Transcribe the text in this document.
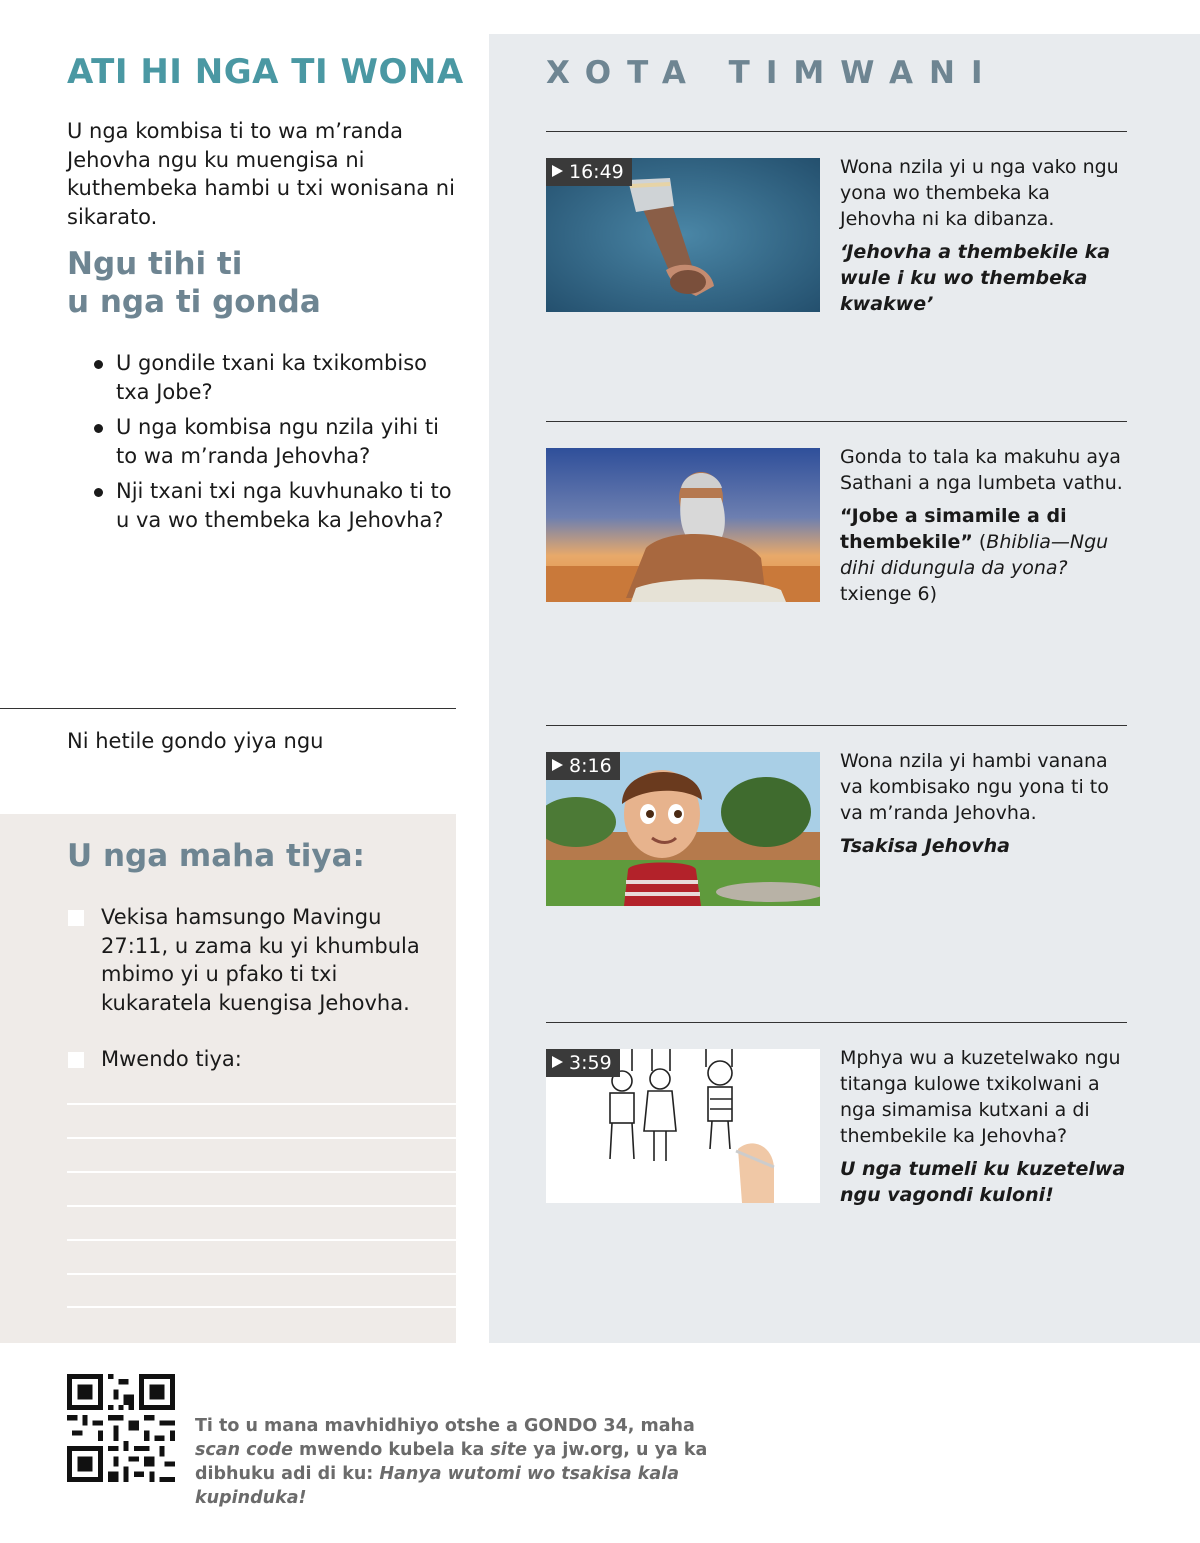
ATI HI NGA TI WONA

U nga kombisa ti to wa m’randa Jehovha ngu ku muengisa ni kuthembeka hambi u txi wonisana ni sikarato.

Ngu tihi ti
u nga ti gonda
U gondile txani ka txikombiso txa Jobe?
U nga kombisa ngu nzila yihi ti to wa m’randa Jehovha?
Nji txani txi nga kuvhunako ti to u va wo thembeka ka Jehovha?
Ni hetile gondo yiya ngu
U nga maha tiya:
Vekisa hamsungo Mavingu 27:11, u zama ku yi khumbula mbimo yi u pfako ti txi kukaratela kuengisa Jehovha.
Mwendo tiya:
XOTA TIMWANI
16:49	Wona nzila yi u nga vako ngu yona wo thembeka ka Jehovha ni ka dibanza.
‘Jehovha a thembekile ka wule i ku wo thembeka kwakwe’
Gonda to tala ka makuhu aya Sathani a nga lumbeta vathu.
“Jobe a simamile a di thembekile” (Bhiblia—Ngu dihi didungula da yona? txienge 6)
8:16	Wona nzila yi hambi vanana va kombisako ngu yona ti to va m’randa Jehovha.
Tsakisa Jehovha
3:59	Mphya wu a kuzetelwako ngu titanga kulowe txikolwani a nga simamisa kutxani a di thembekile ka Jehovha?
U nga tumeli ku kuzetelwa ngu vagondi kuloni!
Ti to u mana mavhidhiyo otshe a GONDO 34, maha scan code mwendo kubela ka site ya jw.org, u ya ka dibhuku adi di ku: Hanya wutomi wo tsakisa kala kupinduka!
